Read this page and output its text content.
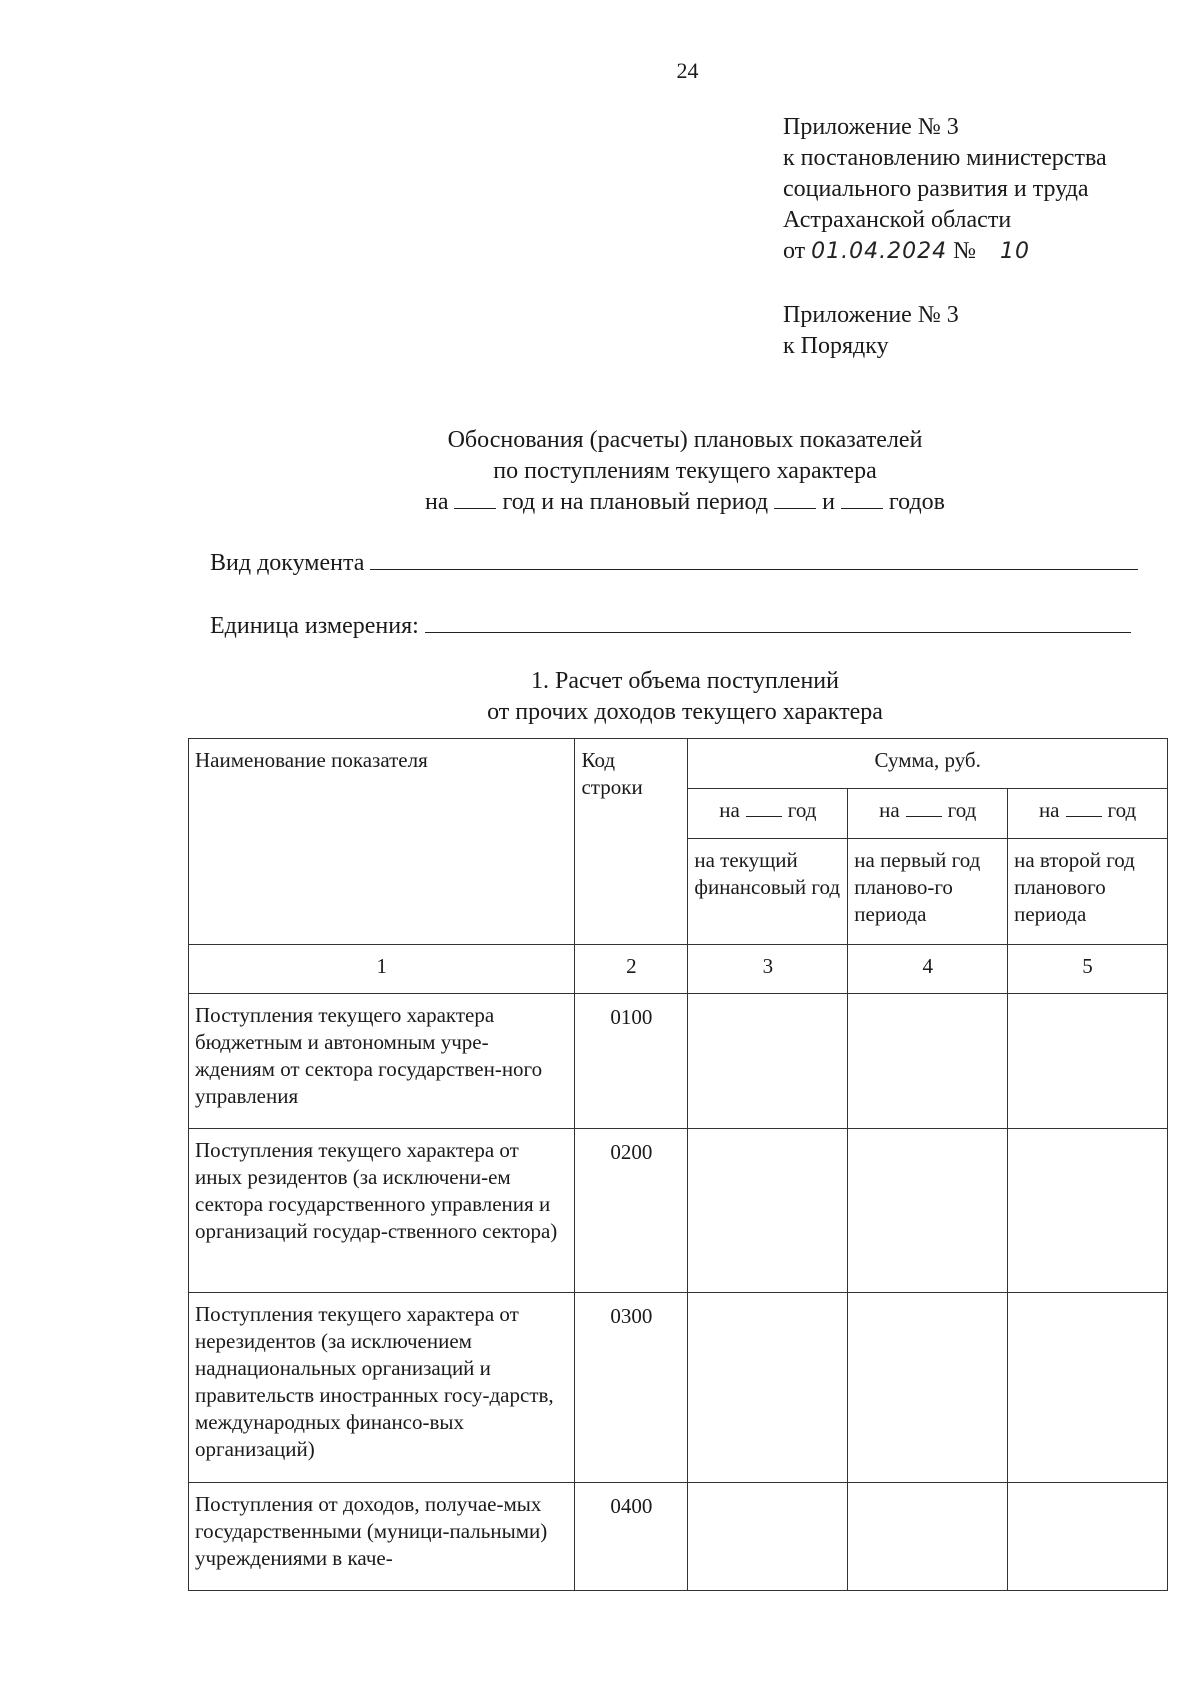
24
Приложение № 3
к постановлению министерства
социального развития и труда
Астраханской области
от 01.04.2024 № 10
Приложение № 3
к Порядку
Обоснования (расчеты) плановых показателей
по поступлениям текущего характера
на год и на плановый период и годов
Вид документа
Единица измерения:
1. Расчет объема поступлений
от прочих доходов текущего характера
Наименование показателя	Код строки	Сумма, руб.		
		на год	на год	на год
		на текущий финансовый год	на первый год планово-го периода	на второй год планового периода
1	2	3	4	5
Поступления текущего характера бюджетным и автономным учре-ждениям от сектора государствен-ного управления	0100			
Поступления текущего характера от иных резидентов (за исключени-ем сектора государственного управления и организаций государ-ственного сектора)	0200			
Поступления текущего характера от нерезидентов (за исключением наднациональных организаций и правительств иностранных госу-дарств, международных финансо-вых организаций)	0300			
Поступления от доходов, получае-мых государственными (муници-пальными) учреждениями в каче-	0400			
